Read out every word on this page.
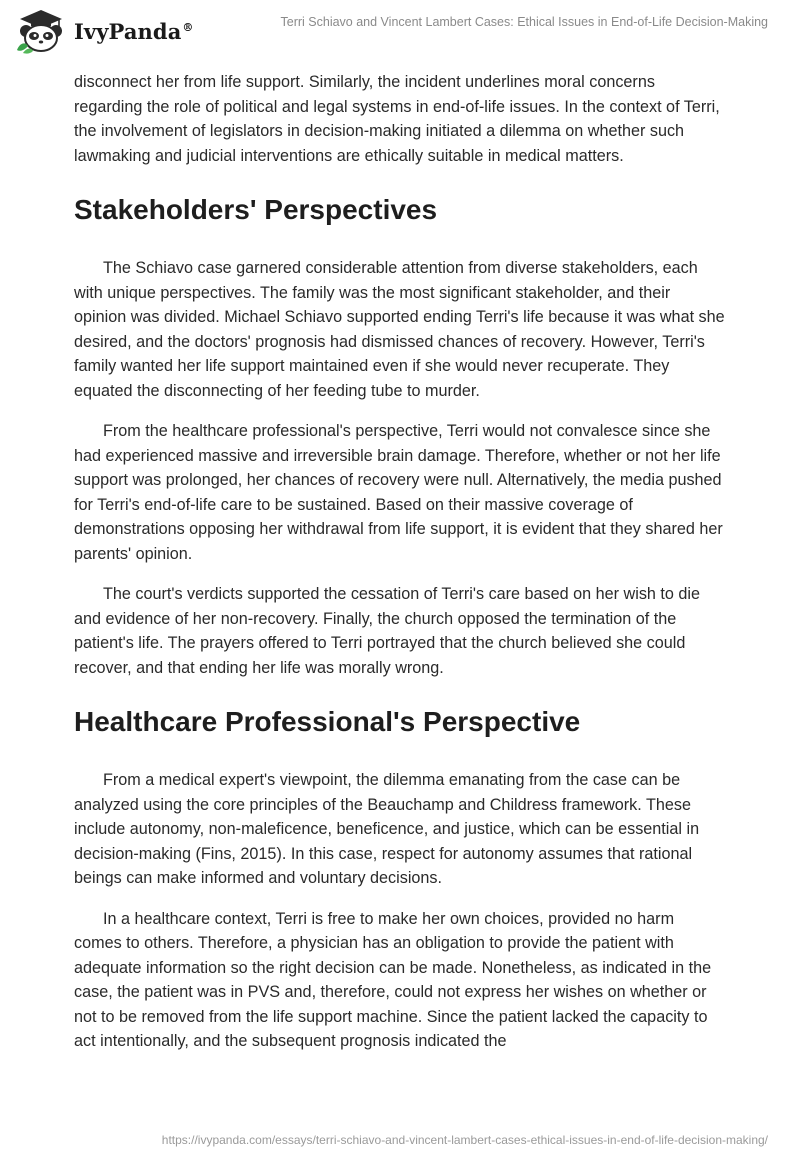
IvyPanda®	Terri Schiavo and Vincent Lambert Cases: Ethical Issues in End-of-Life Decision-Making

disconnect her from life support. Similarly, the incident underlines moral concerns regarding the role of political and legal systems in end-of-life issues. In the context of Terri, the involvement of legislators in decision-making initiated a dilemma on whether such lawmaking and judicial interventions are ethically suitable in medical matters.

Stakeholders' Perspectives

The Schiavo case garnered considerable attention from diverse stakeholders, each with unique perspectives. The family was the most significant stakeholder, and their opinion was divided. Michael Schiavo supported ending Terri's life because it was what she desired, and the doctors' prognosis had dismissed chances of recovery. However, Terri's family wanted her life support maintained even if she would never recuperate. They equated the disconnecting of her feeding tube to murder.

From the healthcare professional's perspective, Terri would not convalesce since she had experienced massive and irreversible brain damage. Therefore, whether or not her life support was prolonged, her chances of recovery were null. Alternatively, the media pushed for Terri's end-of-life care to be sustained. Based on their massive coverage of demonstrations opposing her withdrawal from life support, it is evident that they shared her parents' opinion.

The court's verdicts supported the cessation of Terri's care based on her wish to die and evidence of her non-recovery. Finally, the church opposed the termination of the patient's life. The prayers offered to Terri portrayed that the church believed she could recover, and that ending her life was morally wrong.

Healthcare Professional's Perspective

From a medical expert's viewpoint, the dilemma emanating from the case can be analyzed using the core principles of the Beauchamp and Childress framework. These include autonomy, non-maleficence, beneficence, and justice, which can be essential in decision-making (Fins, 2015). In this case, respect for autonomy assumes that rational beings can make informed and voluntary decisions.

In a healthcare context, Terri is free to make her own choices, provided no harm comes to others. Therefore, a physician has an obligation to provide the patient with adequate information so the right decision can be made. Nonetheless, as indicated in the case, the patient was in PVS and, therefore, could not express her wishes on whether or not to be removed from the life support machine. Since the patient lacked the capacity to act intentionally, and the subsequent prognosis indicated the

https://ivypanda.com/essays/terri-schiavo-and-vincent-lambert-cases-ethical-issues-in-end-of-life-decision-making/
